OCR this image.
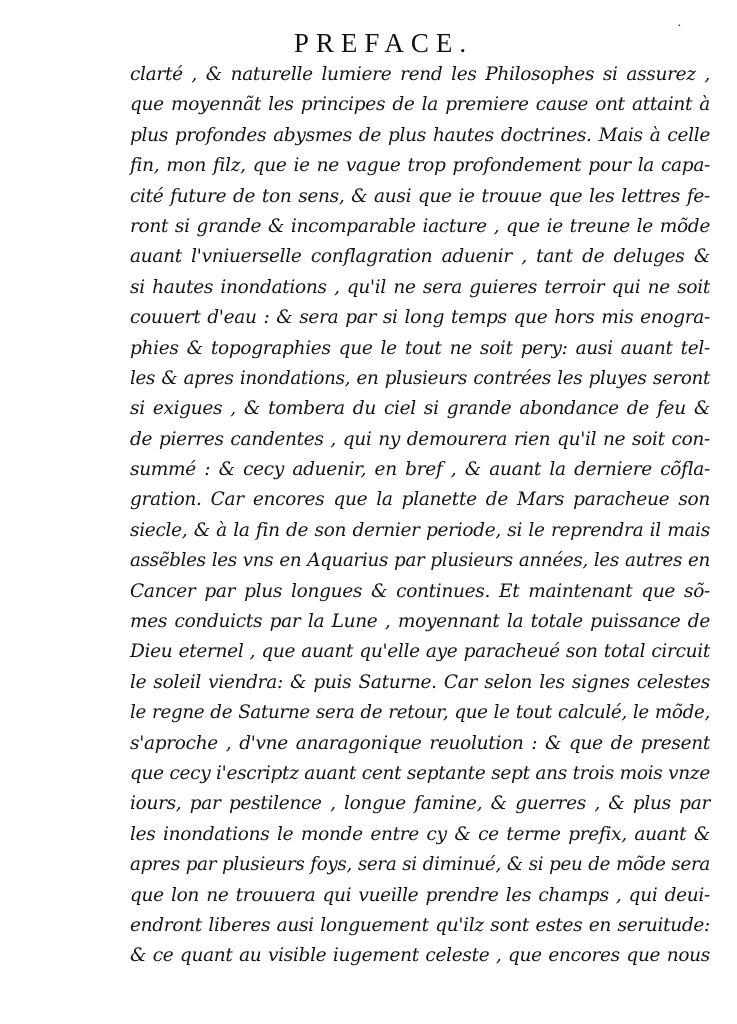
·
PREFACE.
clarté , & naturelle lumiere rend les Philosophes si assurez ,
que moyennãt les principes de la premiere cause ont attaint à
plus profondes abysmes de plus hautes doctrines. Mais à celle
fin, mon filz, que ie ne vague trop profondement pour la capa-
cité future de ton sens, & ausi que ie trouue que les lettres fe-
ront si grande & incomparable iacture , que ie treune le mõde
auant l'vniuerselle conflagration aduenir , tant de deluges &
si hautes inondations , qu'il ne sera guieres terroir qui ne soit
couuert d'eau : & sera par si long temps que hors mis enogra-
phies & topographies que le tout ne soit pery: ausi auant tel-
les & apres inondations, en plusieurs contrées les pluyes seront
si exigues , & tombera du ciel si grande abondance de feu &
de pierres candentes , qui ny demourera rien qu'il ne soit con-
summé : & cecy aduenir, en bref , & auant la derniere cõfla-
gration. Car encores que la planette de Mars paracheue son
siecle, & à la fin de son dernier periode, si le reprendra il mais
assẽbles les vns en Aquarius par plusieurs années, les autres en
Cancer par plus longues & continues. Et maintenant que sõ-
mes conduicts par la Lune , moyennant la totale puissance de
Dieu eternel , que auant qu'elle aye paracheué son total circuit
le soleil viendra: & puis Saturne. Car selon les signes celestes
le regne de Saturne sera de retour, que le tout calculé, le mõde,
s'aproche , d'vne anaragonique reuolution : & que de present
que cecy i'escriptz auant cent septante sept ans trois mois vnze
iours, par pestilence , longue famine, & guerres , & plus par
les inondations le monde entre cy & ce terme prefix, auant &
apres par plusieurs foys, sera si diminué, & si peu de mõde sera
que lon ne trouuera qui vueille prendre les champs , qui deui-
endront liberes ausi longuement qu'ilz sont estes en seruitude:
& ce quant au visible iugement celeste , que encores que nous
